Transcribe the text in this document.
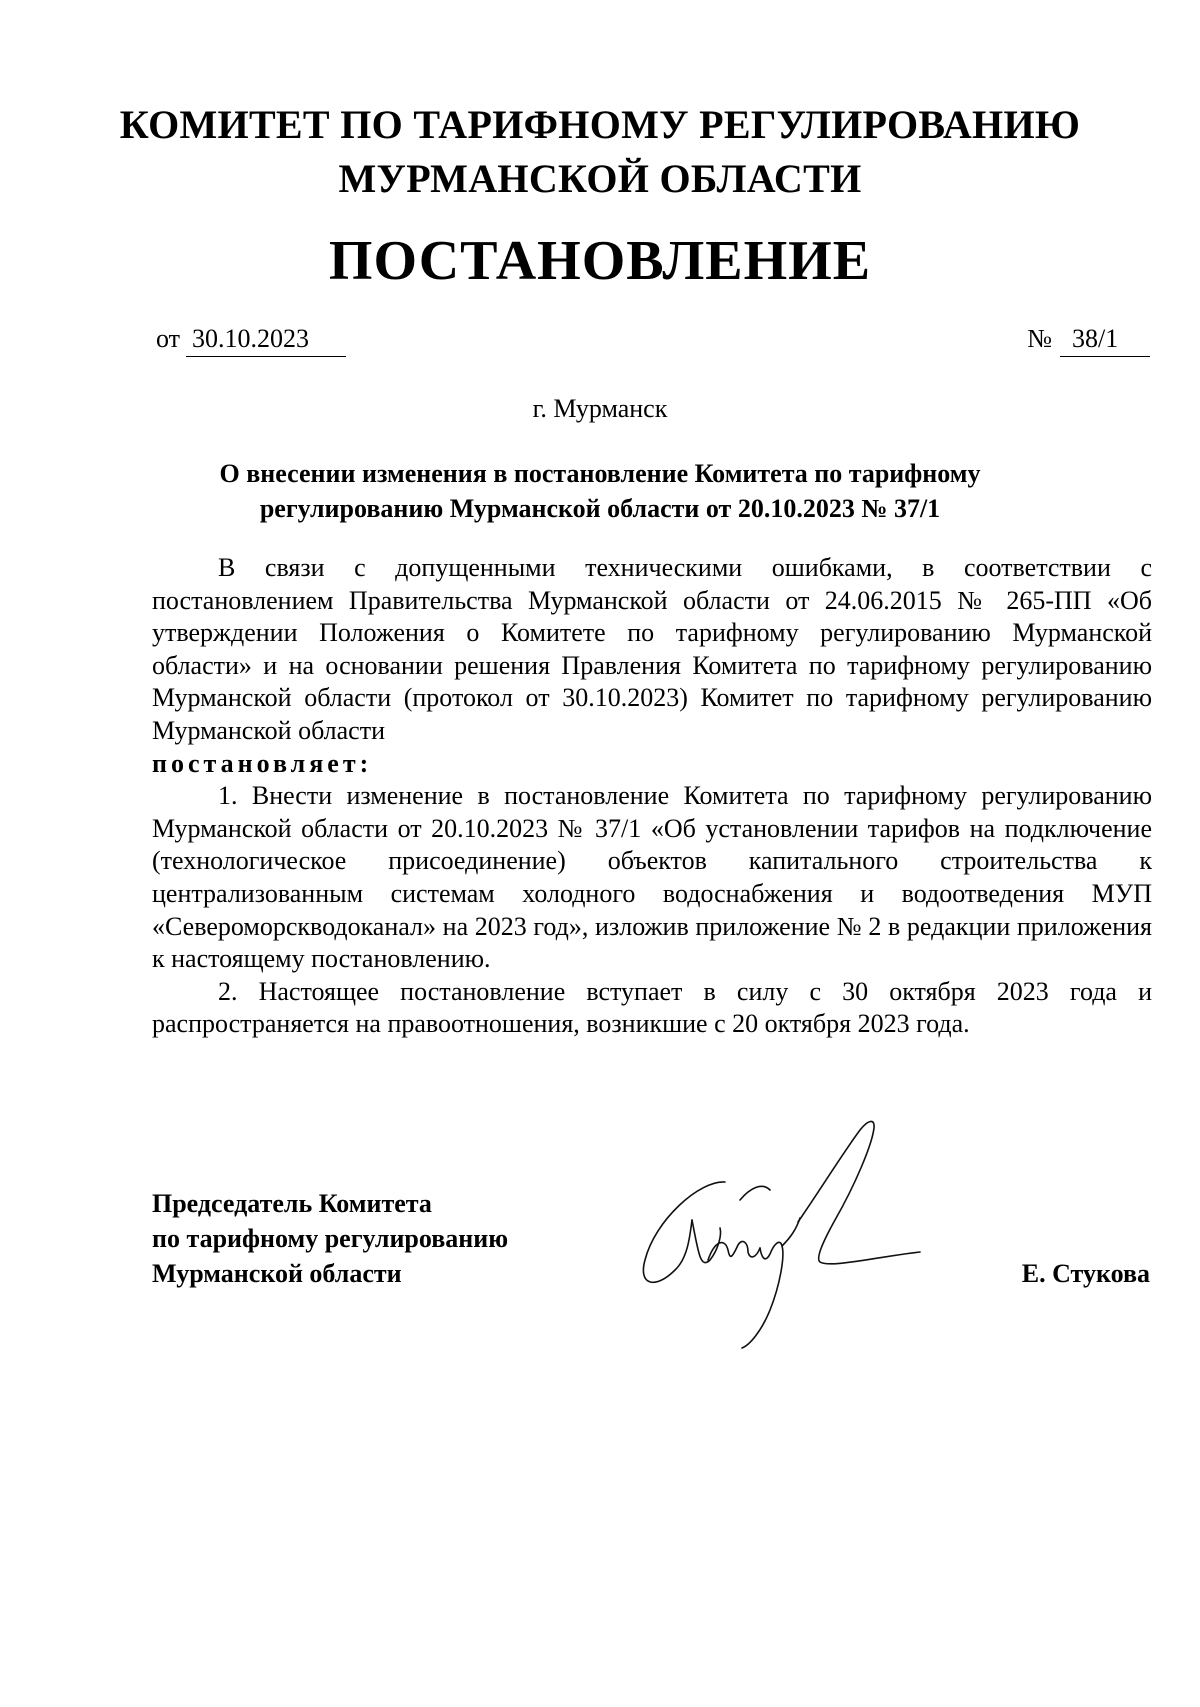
КОМИТЕТ ПО ТАРИФНОМУ РЕГУЛИРОВАНИЮ
МУРМАНСКОЙ ОБЛАСТИ
ПОСТАНОВЛЕНИЕ
от 30.10.2023	№ 38/1
г. Мурманск
О внесении изменения в постановление Комитета по тарифному
регулированию Мурманской области от 20.10.2023 № 37/1

В связи с допущенными техническими ошибками, в соответствии с постановлением Правительства Мурманской области от 24.06.2015 № 265-ПП «Об утверждении Положения о Комитете по тарифному регулированию Мурманской области» и на основании решения Правления Комитета по тарифному регулированию Мурманской области (протокол от 30.10.2023) Комитет по тарифному регулированию Мурманской области

постановляет:

1. Внести изменение в постановление Комитета по тарифному регулированию Мурманской области от 20.10.2023 № 37/1 «Об установлении тарифов на подключение (технологическое присоединение) объектов капитального строительства к централизованным системам холодного водоснабжения и водоотведения МУП «Североморскводоканал» на 2023 год», изложив приложение № 2 в редакции приложения к настоящему постановлению.

2. Настоящее постановление вступает в силу с 30 октября 2023 года и распространяется на правоотношения, возникшие с 20 октября 2023 года.

Председатель Комитета
по тарифному регулированию
Мурманской области	Е. Стукова
